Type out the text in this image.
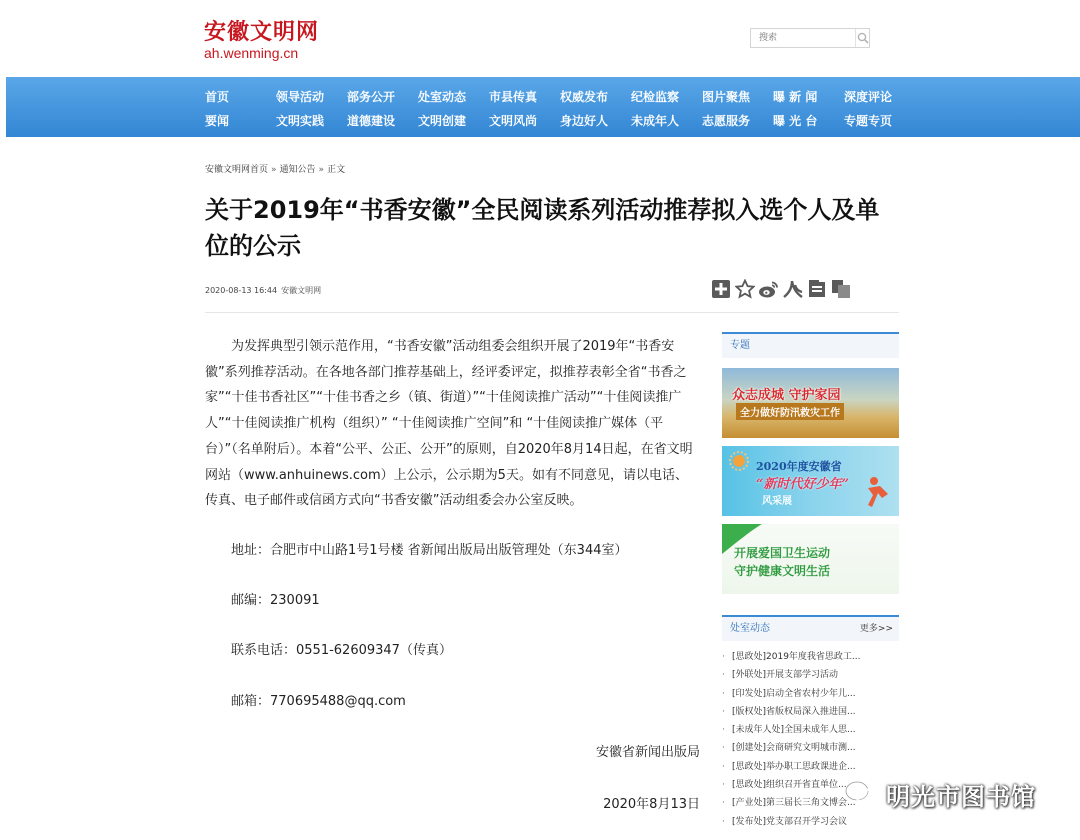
安徽文明网
ah.wenming.cn
搜索
首页	领导活动	部务公开	处室动态	市县传真	权威发布	纪检监察	图片聚焦	曝 新 闻	深度评论
要闻	文明实践	道德建设	文明创建	文明风尚	身边好人	未成年人	志愿服务	曝 光 台	专题专页
安徽文明网首页 » 通知公告 » 正文
关于2019年“书香安徽”全民阅读系列活动推荐拟入选个人及单位的公示
2020-08-13 16:44 安徽文明网

为发挥典型引领示范作用，“书香安徽”活动组委会组织开展了2019年“书香安徽”系列推荐活动。在各地各部门推荐基础上，经评委评定，拟推荐表彰全省“书香之家”“十佳书香社区”“十佳书香之乡（镇、街道）”“十佳阅读推广活动”“十佳阅读推广人”“十佳阅读推广机构（组织）” “十佳阅读推广空间”和 “十佳阅读推广媒体（平台）”（名单附后）。本着“公平、公正、公开”的原则，自2020年8月14日起，在省文明网站（www.anhuinews.com）上公示，公示期为5天。如有不同意见，请以电话、传真、电子邮件或信函方式向“书香安徽”活动组委会办公室反映。

地址：合肥市中山路1号1号楼 省新闻出版局出版管理处（东344室）
邮编：230091
联系电话：0551-62609347（传真）
邮箱：770695488@qq.com
安徽省新闻出版局
2020年8月13日
专题
众志成城 守护家园
全力做好防汛救灾工作
2020年度安徽省
“新时代好少年”
风采展
开展爱国卫生运动
守护健康文明生活
处室动态	更多>>
· [思政处]2019年度我省思政工...
· [外联处]开展支部学习活动
· [印发处]启动全省农村少年儿...
· [版权处]省版权局深入推进国...
· [未成年人处]全国未成年人思...
· [创建处]会商研究文明城市测...
· [思政处]举办职工思政课进企...
· [思政处]组织召开省直单位...
· [产业处]第三届长三角文博会...
· [发布处]党支部召开学习会议
明光市图书馆
